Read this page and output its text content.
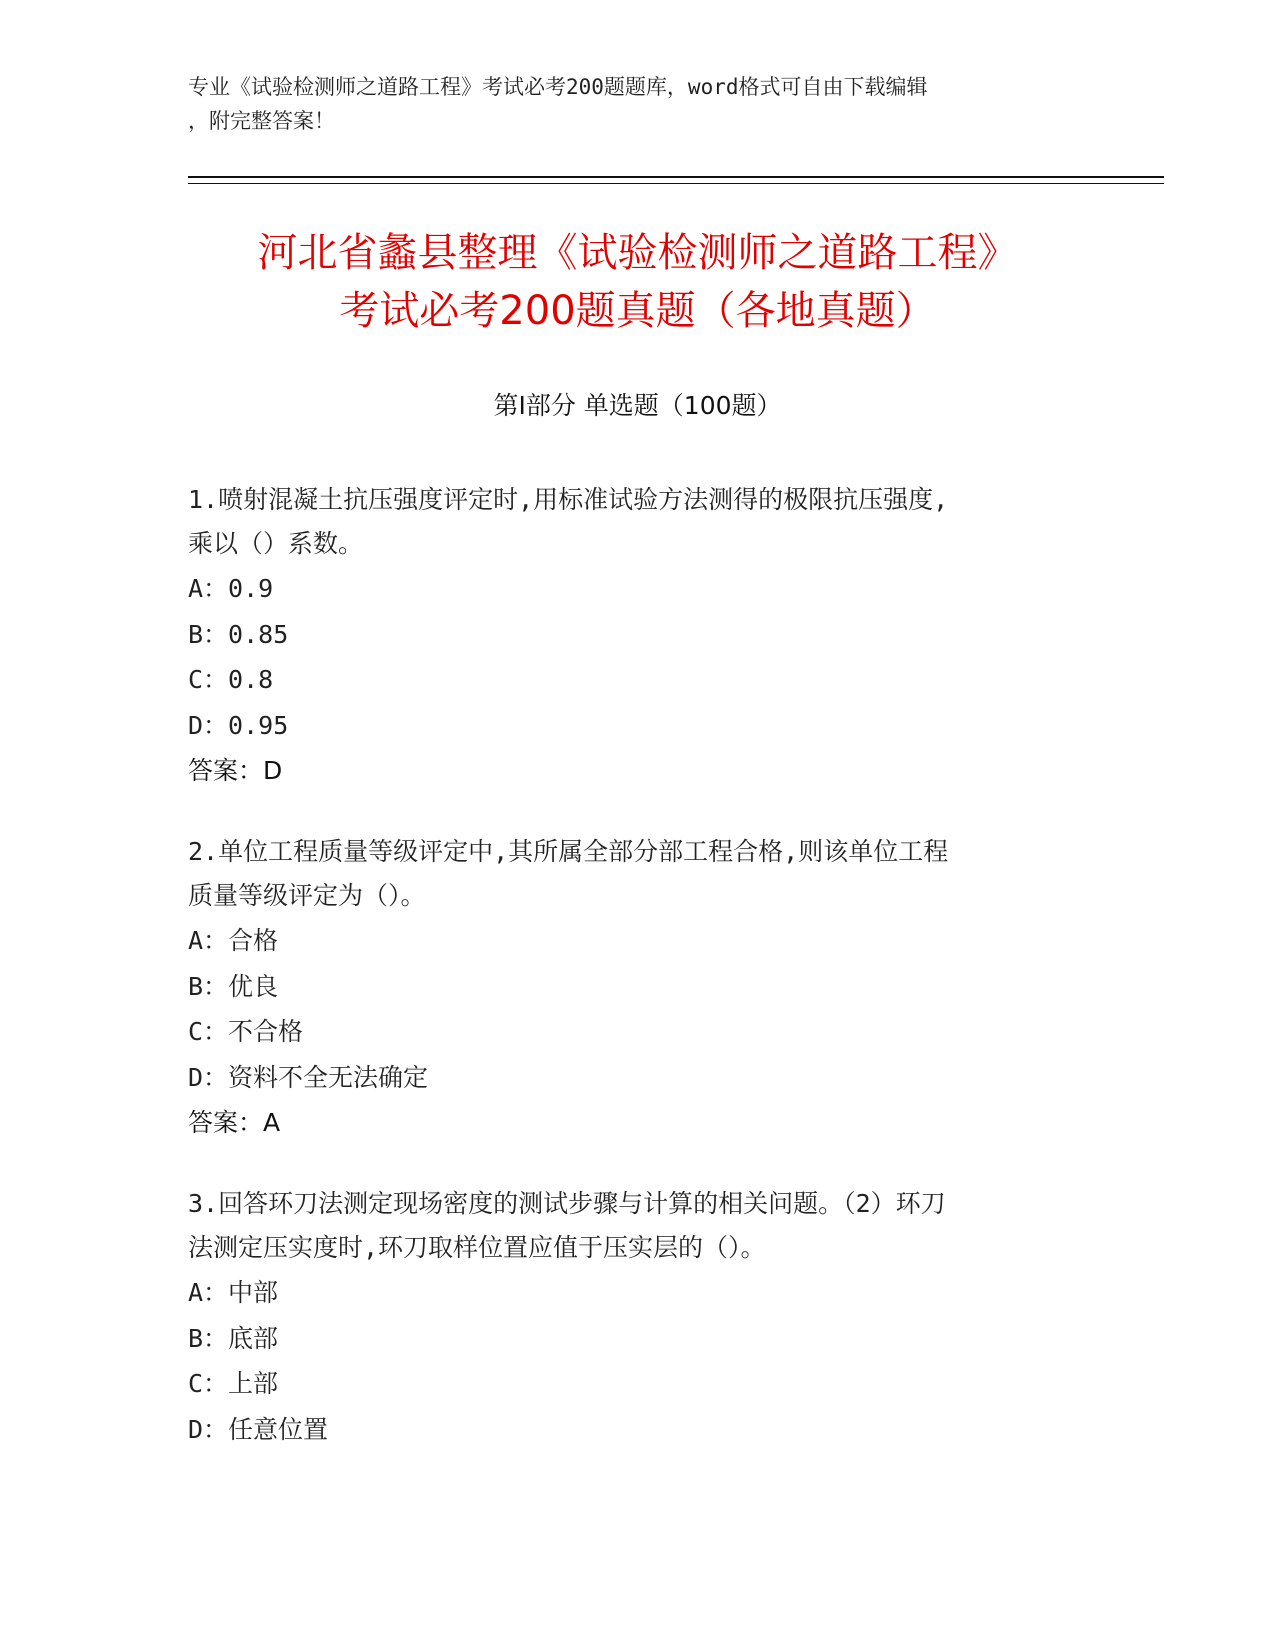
专业《试验检测师之道路工程》考试必考200题题库，word格式可自由下载编辑
，附完整答案！
河北省蠡县整理《试验检测师之道路工程》
考试必考200题真题（各地真题）
第Ⅰ部分 单选题（100题）
1.喷射混凝土抗压强度评定时,用标准试验方法测得的极限抗压强度,
乘以（）系数。
A：0.9
B：0.85
C：0.8
D：0.95
答案：D
2.单位工程质量等级评定中,其所属全部分部工程合格,则该单位工程
质量等级评定为（）。
A：合格
B：优良
C：不合格
D：资料不全无法确定
答案：A
3.回答环刀法测定现场密度的测试步骤与计算的相关问题。（2）环刀
法测定压实度时,环刀取样位置应值于压实层的（）。
A：中部
B：底部
C：上部
D：任意位置
